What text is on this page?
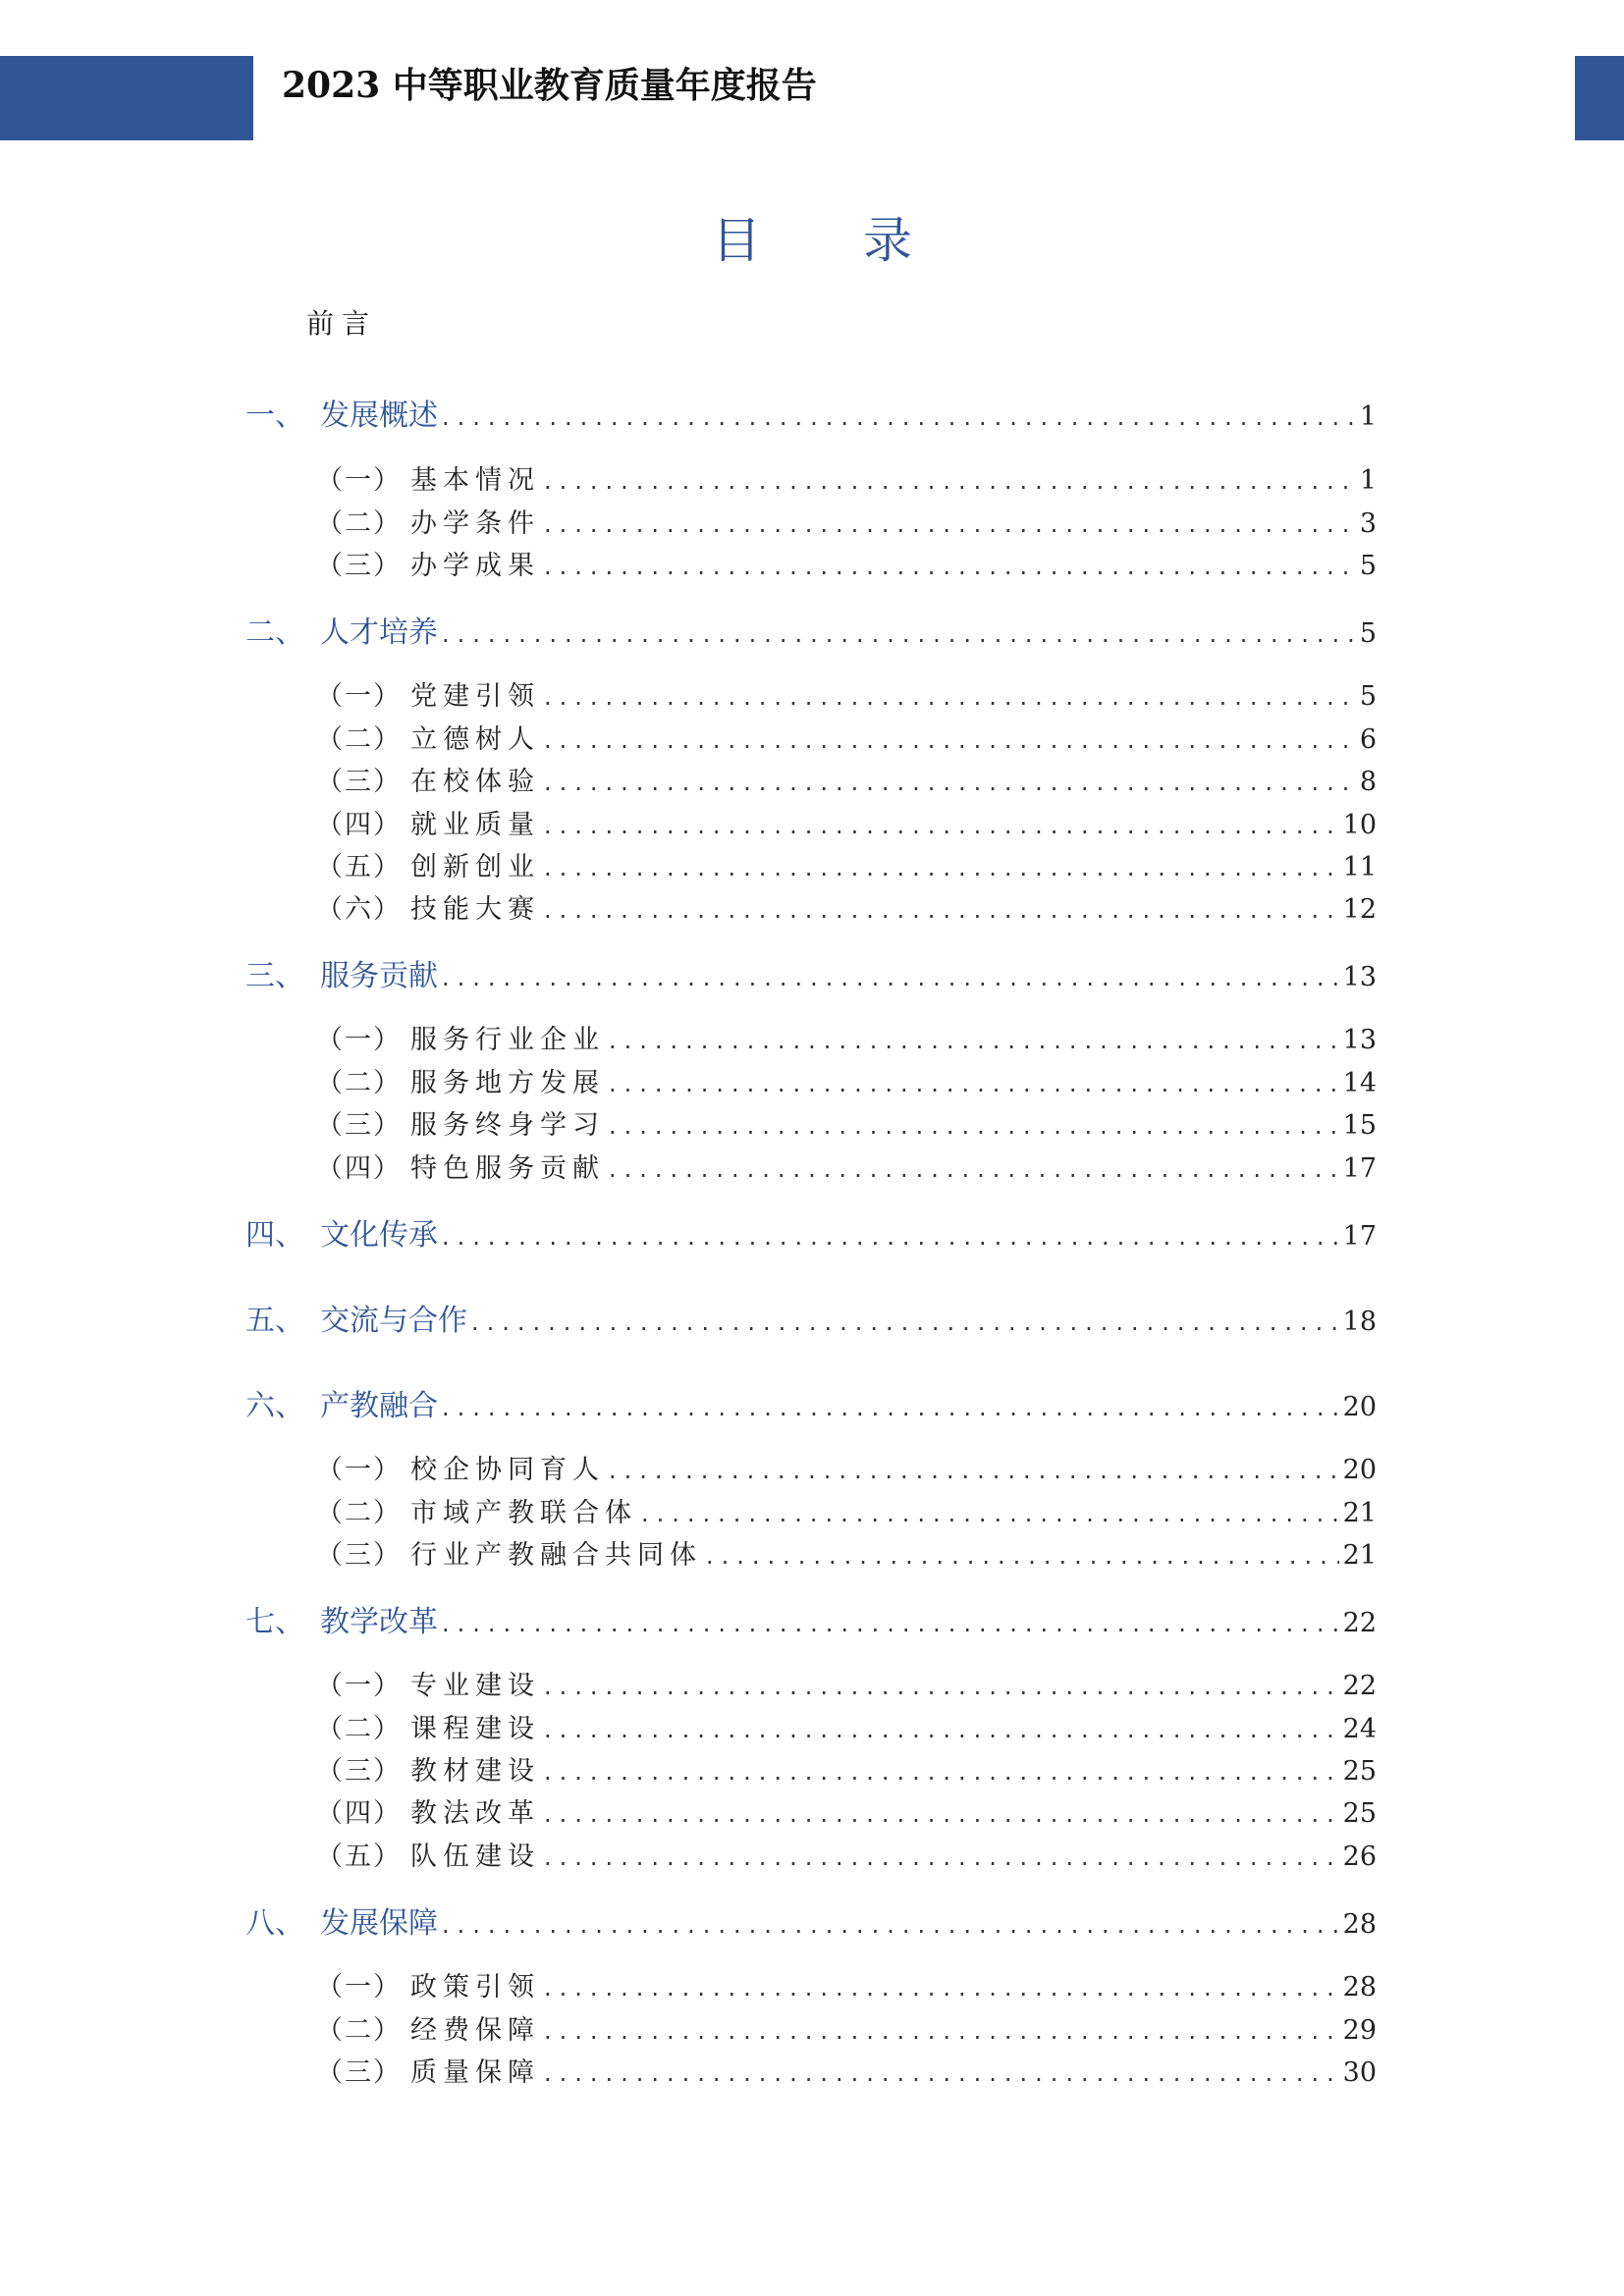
2023 中等职业教育质量年度报告
目 录
前言
一、 发展概述 .....	1
（一） 基本情况 .....	1
（二） 办学条件 .....	3
（三） 办学成果 .....	5
二、 人才培养 .....	5
（一） 党建引领 .....	5
（二） 立德树人 .....	6
（三） 在校体验 .....	8
（四） 就业质量 .....	10
（五） 创新创业 .....	11
（六） 技能大赛 .....	12
三、 服务贡献 .....	13
（一） 服务行业企业 .....	13
（二） 服务地方发展 .....	14
（三） 服务终身学习 .....	15
（四） 特色服务贡献 .....	17
四、 文化传承 .....	17
五、 交流与合作 .....	18
六、 产教融合 .....	20
（一） 校企协同育人 .....	20
（二） 市域产教联合体 .....	21
（三） 行业产教融合共同体 .....	21
七、 教学改革 .....	22
（一） 专业建设 .....	22
（二） 课程建设 .....	24
（三） 教材建设 .....	25
（四） 教法改革 .....	25
（五） 队伍建设 .....	26
八、 发展保障 .....	28
（一） 政策引领 .....	28
（二） 经费保障 .....	29
（三） 质量保障 .....	30
